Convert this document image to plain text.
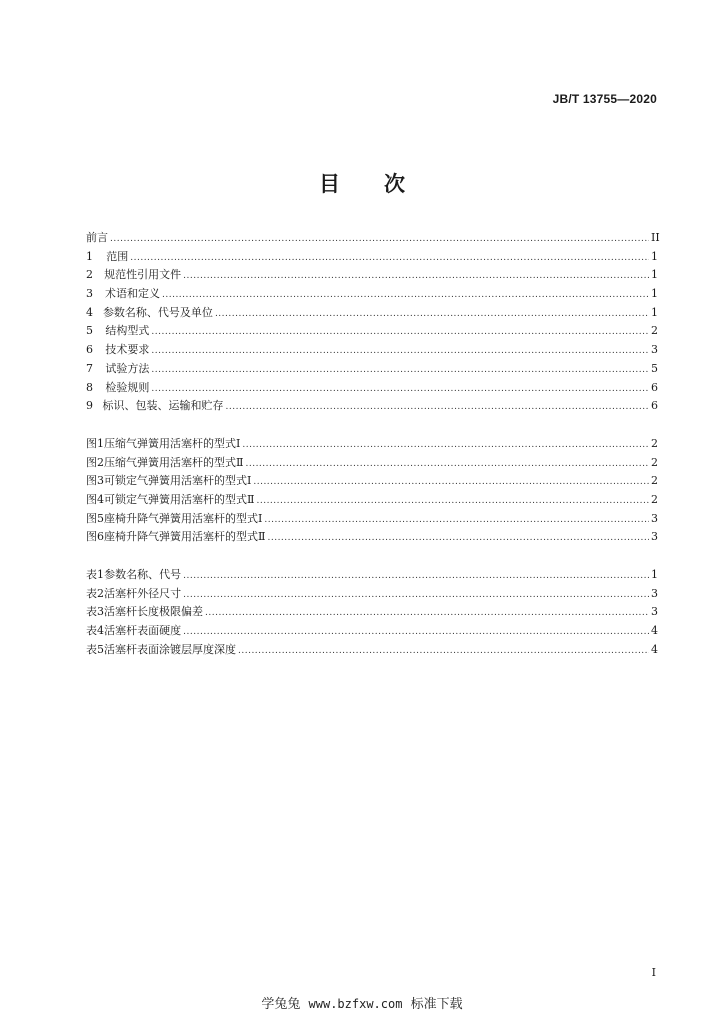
JB/T 13755—2020
目 次
前言 .....	II
1	范围 .....	1
2	规范性引用文件 .....	1
3	术语和定义 .....	1
4 参数名称、代号及单位 .....	1
5	结构型式 .....	2
6	技术要求 .....	3
7	试验方法 .....	5
8	检验规则 .....	6
9 标识、包装、运输和贮存 .....	6
图1 压缩气弹簧用活塞杆的型式Ⅰ .....	2
图2 压缩气弹簧用活塞杆的型式Ⅱ .....	2
图3 可锁定气弹簧用活塞杆的型式Ⅰ .....	2
图4 可锁定气弹簧用活塞杆的型式Ⅱ .....	2
图5 座椅升降气弹簧用活塞杆的型式Ⅰ .....	3
图6 座椅升降气弹簧用活塞杆的型式Ⅱ .....	3
表1 参数名称、代号 .....	1
表2 活塞杆外径尺寸 .....	3
表3 活塞杆长度极限偏差 .....	3
表4 活塞杆表面硬度 .....	4
表5 活塞杆表面涂镀层厚度深度 .....	4
I
学兔兔 www.bzfxw.com 标准下载
